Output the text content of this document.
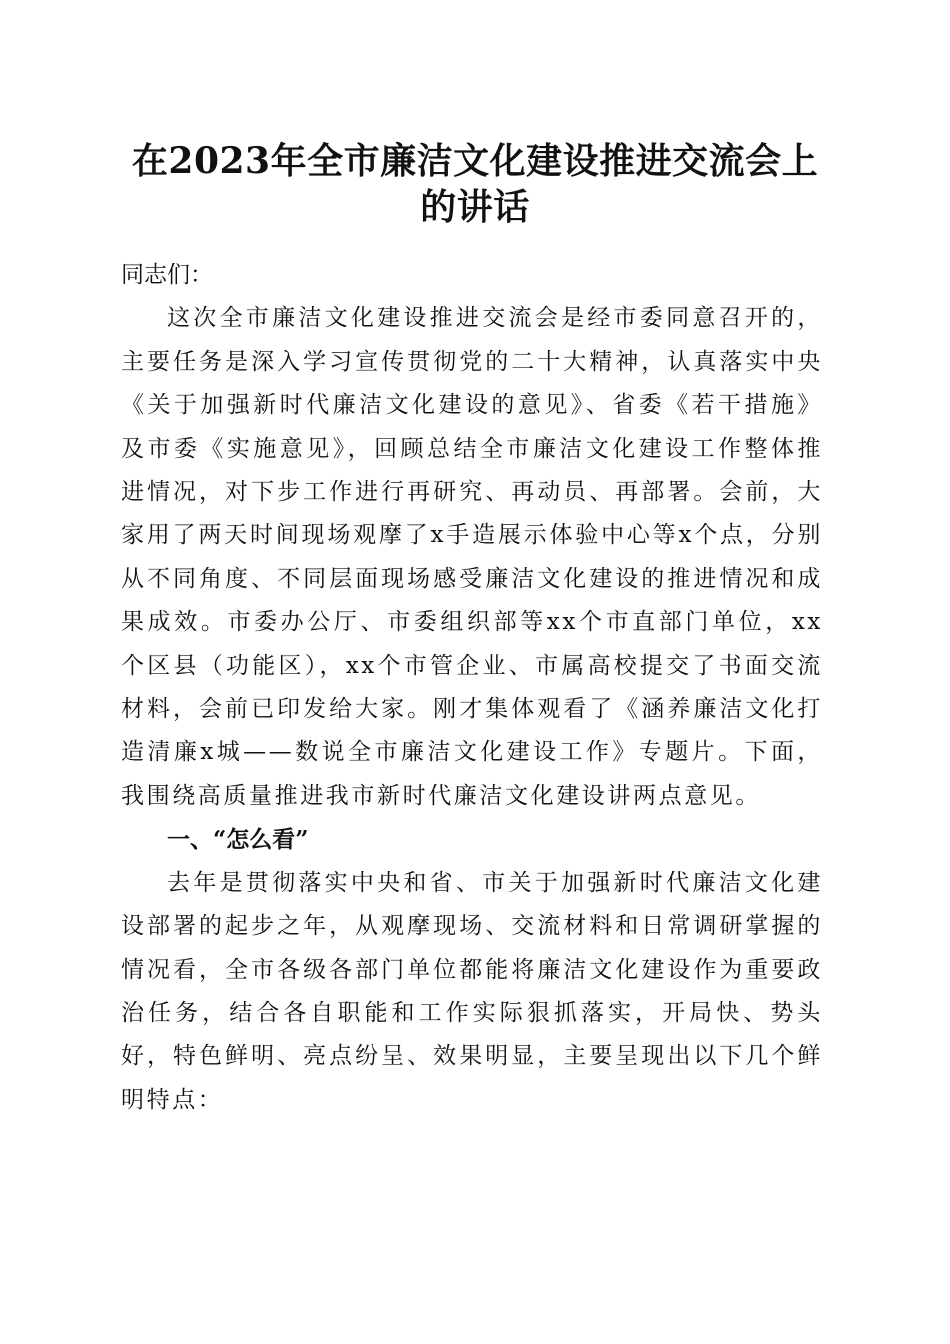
在2023年全市廉洁文化建设推进交流会上的讲话

同志们：

这次全市廉洁文化建设推进交流会是经市委同意召开的，主要任务是深入学习宣传贯彻党的二十大精神，认真落实中央《关于加强新时代廉洁文化建设的意见》、省委《若干措施》及市委《实施意见》，回顾总结全市廉洁文化建设工作整体推进情况，对下步工作进行再研究、再动员、再部署。会前，大家用了两天时间现场观摩了x手造展示体验中心等x个点，分别从不同角度、不同层面现场感受廉洁文化建设的推进情况和成果成效。市委办公厅、市委组织部等xx个市直部门单位，xx个区县（功能区），xx个市管企业、市属高校提交了书面交流材料，会前已印发给大家。刚才集体观看了《涵养廉洁文化打造清廉x城——数说全市廉洁文化建设工作》专题片。下面，我围绕高质量推进我市新时代廉洁文化建设讲两点意见。

一、“怎么看”

去年是贯彻落实中央和省、市关于加强新时代廉洁文化建设部署的起步之年，从观摩现场、交流材料和日常调研掌握的情况看，全市各级各部门单位都能将廉洁文化建设作为重要政治任务，结合各自职能和工作实际狠抓落实，开局快、势头好，特色鲜明、亮点纷呈、效果明显，主要呈现出以下几个鲜明特点：
